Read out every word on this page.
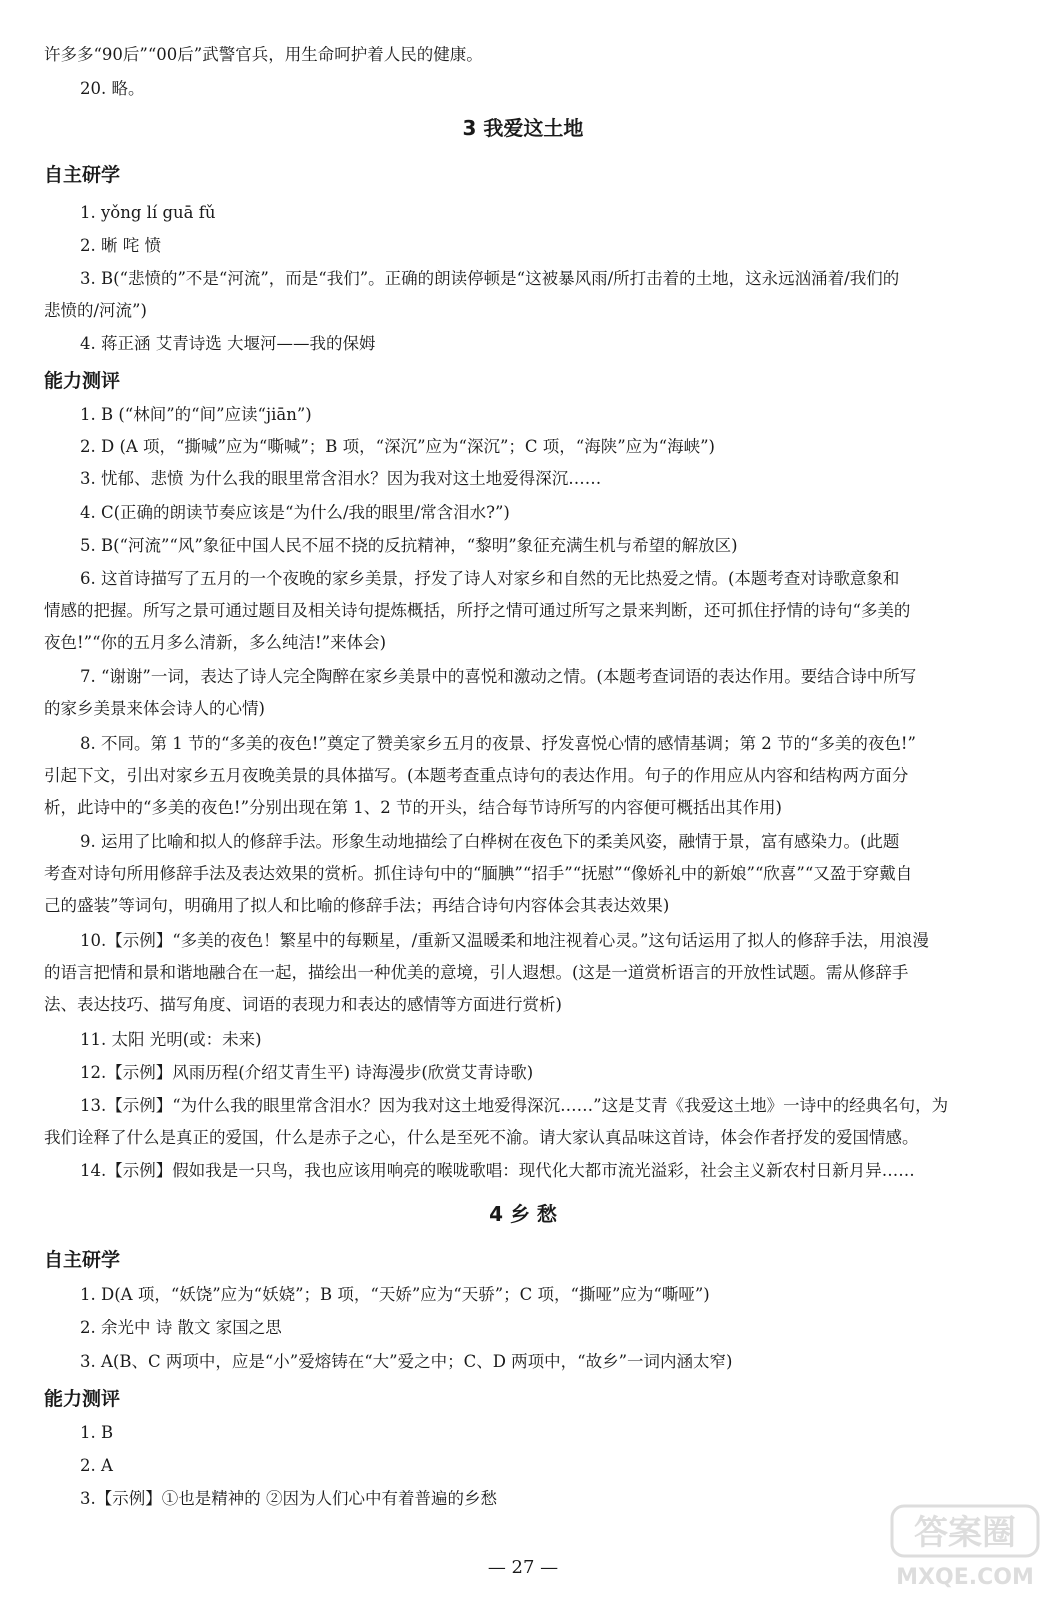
许多多“90后”“00后”武警官兵，用生命呵护着人民的健康。
20. 略。
3 我爱这土地
自主研学
1. yǒng lí guā fǔ
2. 晰 咤 愤
3. B(“悲愤的”不是“河流”，而是“我们”。正确的朗读停顿是“这被暴风雨/所打击着的土地，这永远汹涌着/我们的
悲愤的/河流”)
4. 蒋正涵 艾青诗选 大堰河——我的保姆
能力测评
1. B (“林间”的“间”应读“jiān”)
2. D (A 项，“撕喊”应为“嘶喊”；B 项，“深沉”应为“深沉”；C 项，“海陕”应为“海峡”)
3. 忧郁、悲愤 为什么我的眼里常含泪水？因为我对这土地爱得深沉……
4. C(正确的朗读节奏应该是“为什么/我的眼里/常含泪水?”)
5. B(“河流”“风”象征中国人民不屈不挠的反抗精神，“黎明”象征充满生机与希望的解放区)
6. 这首诗描写了五月的一个夜晚的家乡美景，抒发了诗人对家乡和自然的无比热爱之情。(本题考查对诗歌意象和
情感的把握。所写之景可通过题目及相关诗句提炼概括，所抒之情可通过所写之景来判断，还可抓住抒情的诗句“多美的
夜色!”“你的五月多么清新，多么纯洁!”来体会)
7. “谢谢”一词，表达了诗人完全陶醉在家乡美景中的喜悦和激动之情。(本题考查词语的表达作用。要结合诗中所写
的家乡美景来体会诗人的心情)
8. 不同。第 1 节的“多美的夜色!”奠定了赞美家乡五月的夜景、抒发喜悦心情的感情基调；第 2 节的“多美的夜色!”
引起下文，引出对家乡五月夜晚美景的具体描写。(本题考查重点诗句的表达作用。句子的作用应从内容和结构两方面分
析，此诗中的“多美的夜色!”分别出现在第 1、2 节的开头，结合每节诗所写的内容便可概括出其作用)
9. 运用了比喻和拟人的修辞手法。形象生动地描绘了白桦树在夜色下的柔美风姿，融情于景，富有感染力。(此题
考查对诗句所用修辞手法及表达效果的赏析。抓住诗句中的“腼腆”“招手”“抚慰”“像娇礼中的新娘”“欣喜”“又盈于穿戴自
己的盛装”等词句，明确用了拟人和比喻的修辞手法；再结合诗句内容体会其表达效果)
10.【示例】“多美的夜色！繁星中的每颗星，/重新又温暖柔和地注视着心灵。”这句话运用了拟人的修辞手法，用浪漫
的语言把情和景和谐地融合在一起，描绘出一种优美的意境，引人遐想。(这是一道赏析语言的开放性试题。需从修辞手
法、表达技巧、描写角度、词语的表现力和表达的感情等方面进行赏析)
11. 太阳 光明(或：未来)
12.【示例】风雨历程(介绍艾青生平) 诗海漫步(欣赏艾青诗歌)
13.【示例】“为什么我的眼里常含泪水？因为我对这土地爱得深沉……”这是艾青《我爱这土地》一诗中的经典名句，为
我们诠释了什么是真正的爱国，什么是赤子之心，什么是至死不渝。请大家认真品味这首诗，体会作者抒发的爱国情感。
14.【示例】假如我是一只鸟，我也应该用响亮的喉咙歌唱：现代化大都市流光溢彩，社会主义新农村日新月异……
4 乡 愁
自主研学
1. D(A 项，“妖饶”应为“妖娆”；B 项，“天娇”应为“天骄”；C 项，“撕哑”应为“嘶哑”)
2. 余光中 诗 散文 家国之思
3. A(B、C 两项中，应是“小”爱熔铸在“大”爱之中；C、D 两项中，“故乡”一词内涵太窄)
能力测评
1. B
2. A
3.【示例】①也是精神的 ②因为人们心中有着普遍的乡愁
— 27 —
答案圈
MXQE.COM
